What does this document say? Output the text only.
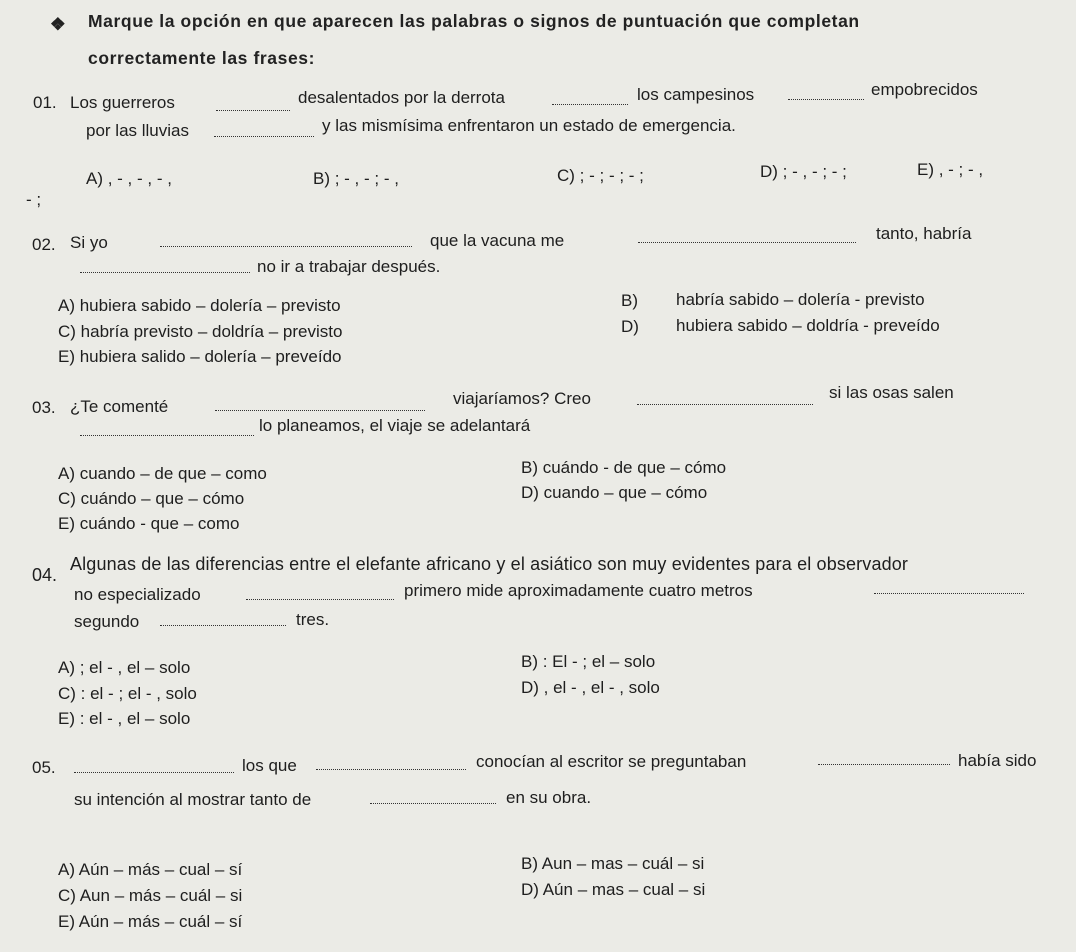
❖ Marque la opción en que aparecen las palabras o signos de puntuación que completan
correctamente las frases:
01. Los guerreros	desalentados por la derrota	los campesinos	empobrecidos
por las lluvias	y las mismísima enfrentaron un estado de emergencia.
A) , - , - , - ,	B) ; - , - ; - ,	C) ; - ; - ; - ;	D) ; - , - ; - ;	E) , - ; - ,
- ;
02. Si yo	que la vacuna me	tanto, habría
no ir a trabajar después.
A) hubiera sabido – dolería – previsto	B) habría sabido – dolería - previsto
C) habría previsto – doldría – previsto	D) hubiera sabido – doldría - preveído
E) hubiera salido – dolería – preveído
03. ¿Te comenté	viajaríamos? Creo	si las osas salen
lo planeamos, el viaje se adelantará
A) cuando – de que – como	B) cuándo - de que – cómo
C) cuándo – que – cómo	D) cuando – que – cómo
E) cuándo - que – como
04.
Algunas de las diferencias entre el elefante africano y el asiático son muy evidentes para el observador
no especializado	primero mide aproximadamente cuatro metros
segundo	tres.
A) ; el - , el – solo	B) : El - ; el – solo
C) : el - ; el - , solo	D) , el - , el - , solo
E) : el - , el – solo
05.	los que	conocían al escritor se preguntaban	había sido
su intención al mostrar tanto de	en su obra.
A) Aún – más – cual – sí	B) Aun – mas – cuál – si
C) Aun – más – cuál – si	D) Aún – mas – cual – si
E) Aún – más – cuál – sí
